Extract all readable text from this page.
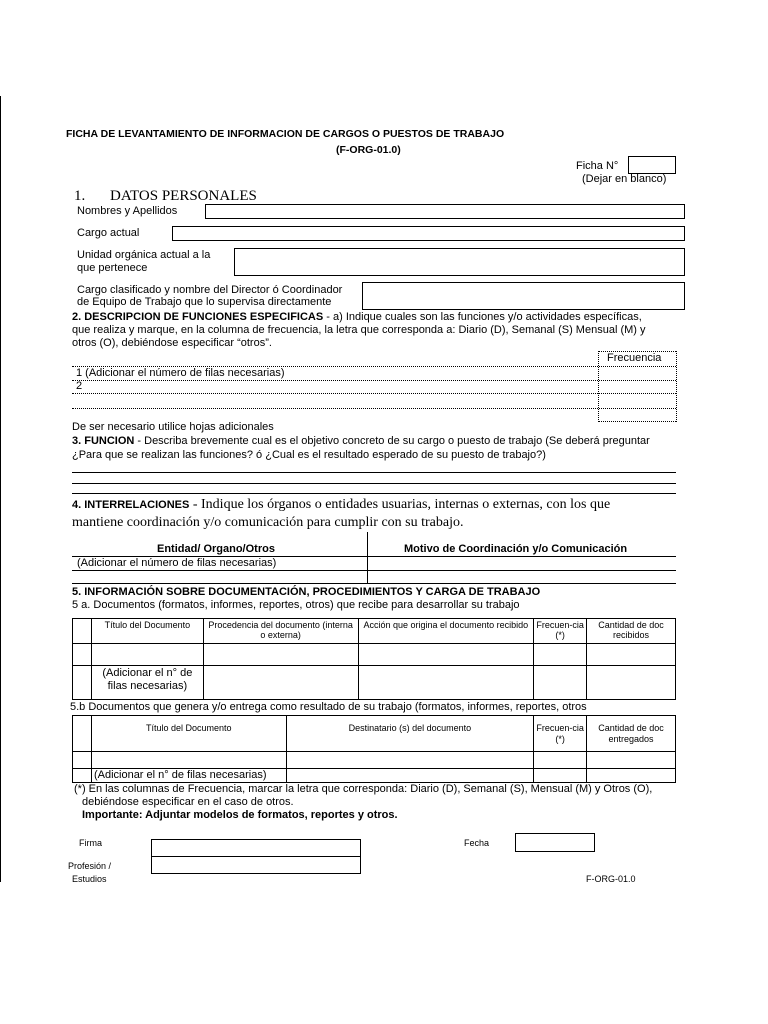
FICHA DE LEVANTAMIENTO DE INFORMACION DE CARGOS O PUESTOS DE TRABAJO
(F-ORG-01.0)
Ficha N°
(Dejar en blanco)
1. DATOS PERSONALES
Nombres y Apellidos
Cargo actual
Unidad orgánica actual a la
que pertenece
Cargo clasificado y nombre del Director ó Coordinador
de Equipo de Trabajo que lo supervisa directamente
2. DESCRIPCION DE FUNCIONES ESPECIFICAS - a) Indique cuales son las funciones y/o actividades específicas,
que realiza y marque, en la columna de frecuencia, la letra que corresponda a: Diario (D), Semanal (S) Mensual (M) y
otros (O), debiéndose especificar “otros”.
Frecuencia
1 (Adicionar el número de filas necesarias)
2
De ser necesario utilice hojas adicionales
3. FUNCION - Describa brevemente cual es el objetivo concreto de su cargo o puesto de trabajo (Se deberá preguntar
¿Para que se realizan las funciones? ó ¿Cual es el resultado esperado de su puesto de trabajo?)
4. INTERRELACIONES - Indique los órganos o entidades usuarias, internas o externas, con los que
mantiene coordinación y/o comunicación para cumplir con su trabajo.
Entidad/ Organo/Otros	Motivo de Coordinación y/o Comunicación
(Adicionar el número de filas necesarias)
5. INFORMACIÓN SOBRE DOCUMENTACIÓN, PROCEDIMIENTOS Y CARGA DE TRABAJO
5 a. Documentos (formatos, informes, reportes, otros) que recibe para desarrollar su trabajo
	Título del Documento	Procedencia del documento (interna o externa)	Acción que origina el documento recibido	Frecuen-cia (*)	Cantidad de doc recibidos

	(Adicionar el n° de
filas necesarias)				

5.b Documentos que genera y/o entrega como resultado de su trabajo (formatos, informes, reportes, otros
	Título del Documento	Destinatario (s) del documento	Frecuen-cia (*)	Cantidad de doc entregados

	(Adicionar el n° de filas necesarias)			
(*) En las columnas de Frecuencia, marcar la letra que corresponda: Diario (D), Semanal (S), Mensual (M) y Otros (O),
debiéndose especificar en el caso de otros.
Importante: Adjuntar modelos de formatos, reportes y otros.
Firma	Fecha
Profesión /
Estudios	F-ORG-01.0
